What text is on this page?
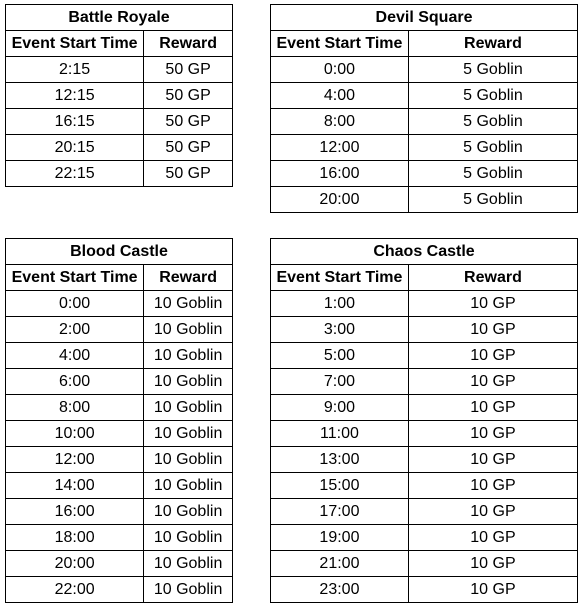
Battle Royale	
Event Start Time	Reward
2:15	50 GP
12:15	50 GP
16:15	50 GP
20:15	50 GP
22:15	50 GP
Devil Square	
Event Start Time	Reward
0:00	5 Goblin
4:00	5 Goblin
8:00	5 Goblin
12:00	5 Goblin
16:00	5 Goblin
20:00	5 Goblin
Blood Castle	
Event Start Time	Reward
0:00	10 Goblin
2:00	10 Goblin
4:00	10 Goblin
6:00	10 Goblin
8:00	10 Goblin
10:00	10 Goblin
12:00	10 Goblin
14:00	10 Goblin
16:00	10 Goblin
18:00	10 Goblin
20:00	10 Goblin
22:00	10 Goblin
Chaos Castle	
Event Start Time	Reward
1:00	10 GP
3:00	10 GP
5:00	10 GP
7:00	10 GP
9:00	10 GP
11:00	10 GP
13:00	10 GP
15:00	10 GP
17:00	10 GP
19:00	10 GP
21:00	10 GP
23:00	10 GP
